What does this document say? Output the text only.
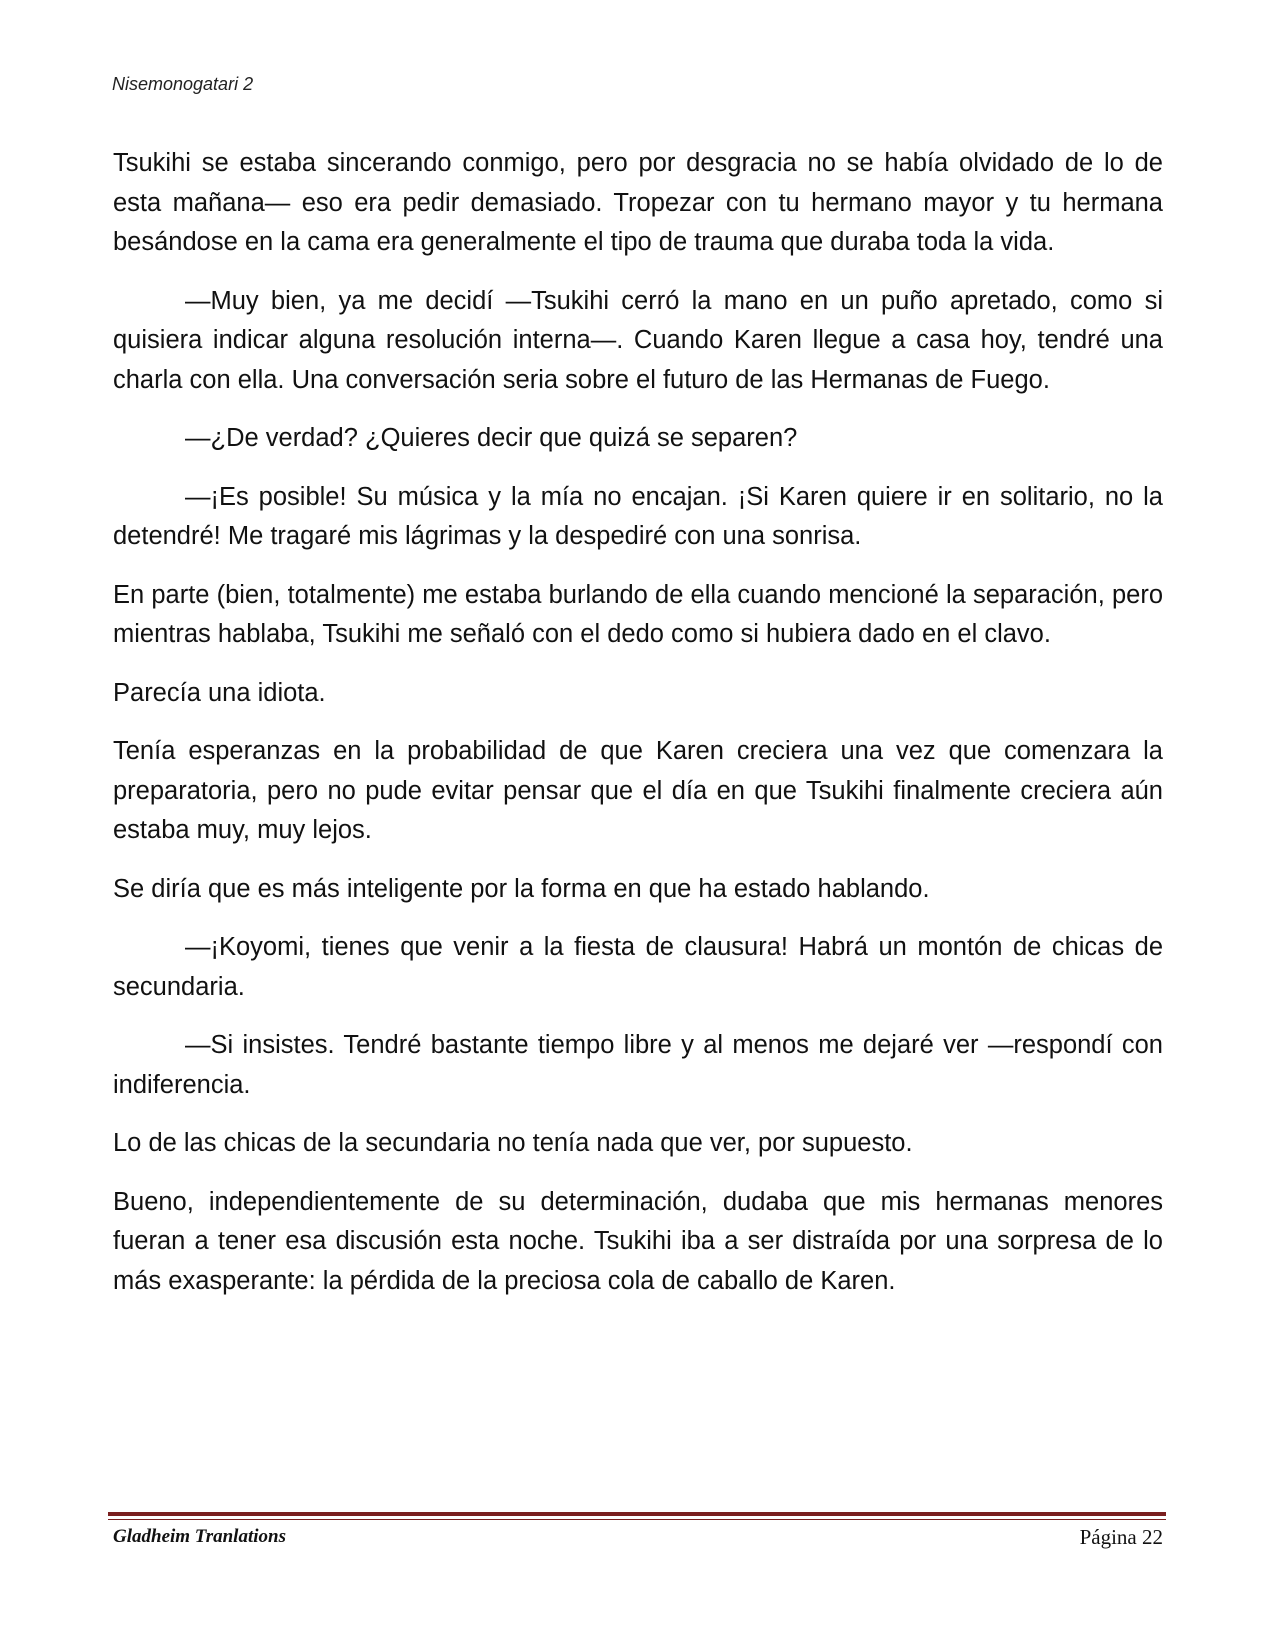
Nisemonogatari 2

Tsukihi se estaba sincerando conmigo, pero por desgracia no se había olvidado de lo de esta mañana— eso era pedir demasiado. Tropezar con tu hermano mayor y tu hermana besándose en la cama era generalmente el tipo de trauma que duraba toda la vida.

—Muy bien, ya me decidí —Tsukihi cerró la mano en un puño apretado, como si quisiera indicar alguna resolución interna—. Cuando Karen llegue a casa hoy, tendré una charla con ella. Una conversación seria sobre el futuro de las Hermanas de Fuego.

—¿De verdad? ¿Quieres decir que quizá se separen?

—¡Es posible! Su música y la mía no encajan. ¡Si Karen quiere ir en solitario, no la detendré! Me tragaré mis lágrimas y la despediré con una sonrisa.

En parte (bien, totalmente) me estaba burlando de ella cuando mencioné la separación, pero mientras hablaba, Tsukihi me señaló con el dedo como si hubiera dado en el clavo.

Parecía una idiota.

Tenía esperanzas en la probabilidad de que Karen creciera una vez que comenzara la preparatoria, pero no pude evitar pensar que el día en que Tsukihi finalmente creciera aún estaba muy, muy lejos.

Se diría que es más inteligente por la forma en que ha estado hablando.

—¡Koyomi, tienes que venir a la fiesta de clausura! Habrá un montón de chicas de secundaria.

—Si insistes. Tendré bastante tiempo libre y al menos me dejaré ver —respondí con indiferencia.

Lo de las chicas de la secundaria no tenía nada que ver, por supuesto.

Bueno, independientemente de su determinación, dudaba que mis hermanas menores fueran a tener esa discusión esta noche. Tsukihi iba a ser distraída por una sorpresa de lo más exasperante: la pérdida de la preciosa cola de caballo de Karen.

Gladheim Tranlations	Página 22
